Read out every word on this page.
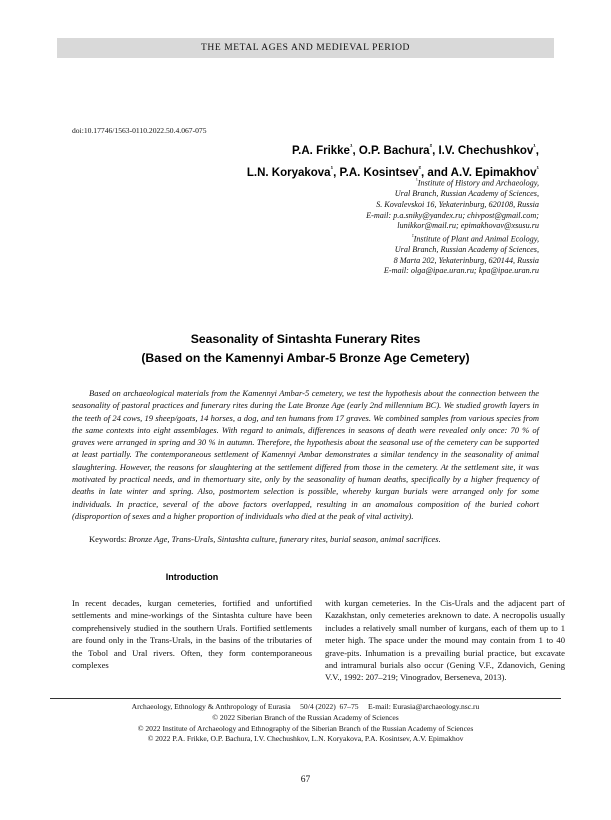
THE METAL AGES AND MEDIEVAL PERIOD
doi:10.17746/1563-0110.2022.50.4.067-075
P.A. Frikke$^{^1}$, O.P. Bachura$^{^2}$, I.V. Chechushkov$^{^1}$,
L.N. Koryakova$^{^1}$, P.A. Kosintsev$^{^2}$, and A.V. Epimakhov$^{^1}$
$^{^1}$Institute of History and Archaeology,
Ural Branch, Russian Academy of Sciences,
S. Kovalevskoi 16, Yekaterinburg, 620108, Russia
E-mail: p.a.sniky@yandex.ru; chivpost@gmail.com;
lunikkor@mail.ru; epimakhovav@xsusu.ru
$^{^2}$Institute of Plant and Animal Ecology,
Ural Branch, Russian Academy of Sciences,
8 Marta 202, Yekaterinburg, 620144, Russia
E-mail: olga@ipae.uran.ru; kpa@ipae.uran.ru
Seasonality of Sintashta Funerary Rites
(Based on the Kamennyi Ambar-5 Bronze Age Cemetery)
Based on archaeological materials from the Kamennyi Ambar-5 cemetery, we test the hypothesis about the connection between the seasonality of pastoral practices and funerary rites during the Late Bronze Age (early 2nd millennium BC). We studied growth layers in the teeth of 24 cows, 19 sheep/goats, 14 horses, a dog, and ten humans from 17 graves. We combined samples from various species from the same contexts into eight assemblages. With regard to animals, differences in seasons of death were revealed only once: 70 % of graves were arranged in spring and 30 % in autumn. Therefore, the hypothesis about the seasonal use of the cemetery can be supported at least partially. The contemporaneous settlement of Kamennyi Ambar demonstrates a similar tendency in the seasonality of animal slaughtering. However, the reasons for slaughtering at the settlement differed from those in the cemetery. At the settlement site, it was motivated by practical needs, and in themortuary site, only by the seasonality of human deaths, specifically by a higher frequency of deaths in late winter and spring. Also, postmortem selection is possible, whereby kurgan burials were arranged only for some individuals. In practice, several of the above factors overlapped, resulting in an anomalous composition of the buried cohort (disproportion of sexes and a higher proportion of individuals who died at the peak of vital activity).
Keywords: Bronze Age, Trans-Urals, Sintashta culture, funerary rites, burial season, animal sacrifices.
Introduction
In recent decades, kurgan cemeteries, fortified and unfortified settlements and mine-workings of the Sintashta culture have been comprehensively studied in the southern Urals. Fortified settlements are found only in the Trans-Urals, in the basins of the tributaries of the Tobol and Ural rivers. Often, they form contemporaneous complexes
with kurgan cemeteries. In the Cis-Urals and the adjacent part of Kazakhstan, only cemeteries areknown to date. A necropolis usually includes a relatively small number of kurgans, each of them up to 1 meter high. The space under the mound may contain from 1 to 40 grave-pits. Inhumation is a prevailing burial practice, but excavate and intramural burials also occur (Gening V.F., Zdanovich, Gening V.V., 1992: 207–219; Vinogradov, Berseneva, 2013).
Archaeology, Ethnology & Anthropology of Eurasia
50/4 (2022)  67–75
E-mail: Eurasia@archaeology.nsc.ru
© 2022 Siberian Branch of the Russian Academy of Sciences
© 2022 Institute of Archaeology and Ethnography of the Siberian Branch of the Russian Academy of Sciences
© 2022 P.A. Frikke, O.P. Bachura, I.V. Chechushkov, L.N. Koryakova, P.A. Kosintsev, A.V. Epimakhov
67
